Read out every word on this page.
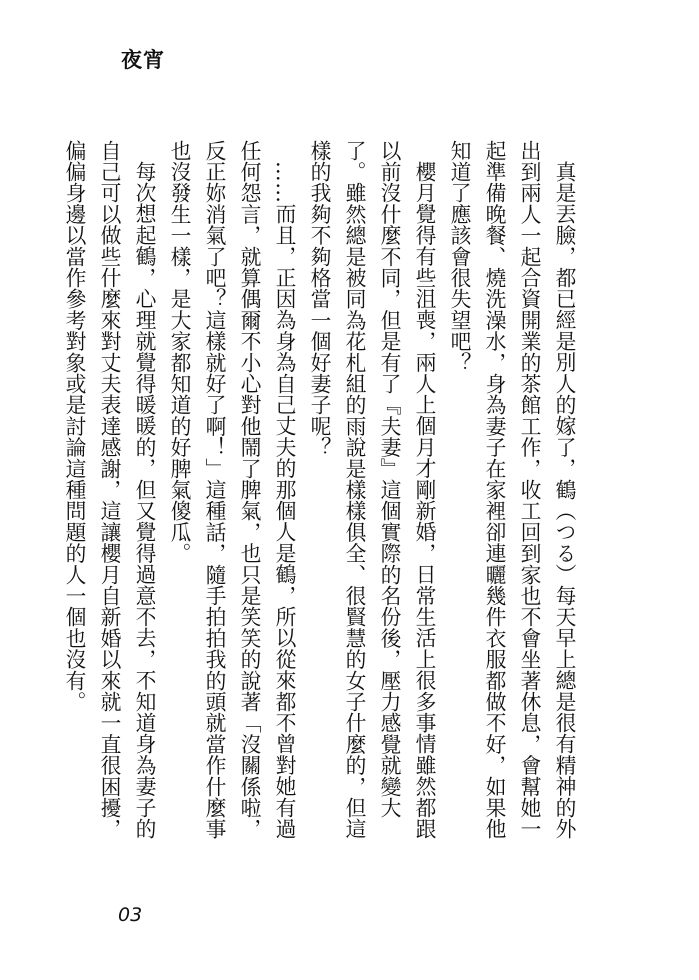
夜宵

真是丟臉，都已經是別人的嫁了，鶴（つる）每天早上總是很有精神的外出到兩人一起合資開業的茶館工作，收工回到家也不會坐著休息，會幫她一起準備晚餐、燒洗澡水，身為妻子在家裡卻連曬幾件衣服都做不好，如果他知道了應該會很失望吧？

櫻月覺得有些沮喪，兩人上個月才剛新婚，日常生活上很多事情雖然都跟以前沒什麼不同，但是有了『夫妻』這個實際的名份後，壓力感覺就變大了。雖然總是被同為花札組的雨說是樣樣俱全、很賢慧的女子什麼的，但這樣的我夠不夠格當一個好妻子呢？

……而且，正因為身為自己丈夫的那個人是鶴，所以從來都不曾對她有過任何怨言，就算偶爾不小心對他鬧了脾氣，也只是笑笑的說著「沒關係啦，反正妳消氣了吧？這樣就好了啊！」這種話，隨手拍拍我的頭就當作什麼事也沒發生一樣，是大家都知道的好脾氣傻瓜。

每次想起鶴，心理就覺得暖暖的，但又覺得過意不去，不知道身為妻子的自己可以做些什麼來對丈夫表達感謝，這讓櫻月自新婚以來就一直很困擾，偏偏身邊以當作參考對象或是討論這種問題的人一個也沒有。

03
